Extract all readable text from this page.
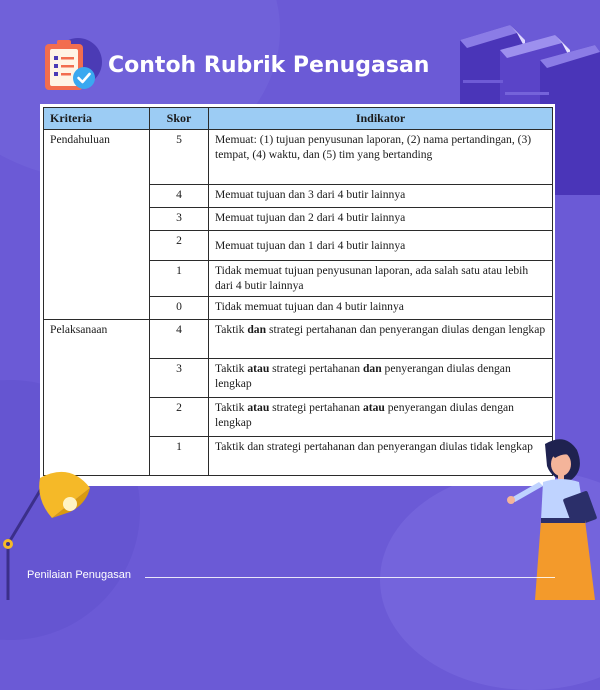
Contoh Rubrik Penugasan
Kriteria	Skor	Indikator
Pendahuluan	5	Memuat: (1) tujuan penyusunan laporan, (2) nama pertandingan, (3) tempat, (4) waktu, dan (5) tim yang bertanding
	4	Memuat tujuan dan 3 dari 4 butir lainnya
	3	Memuat tujuan dan 2 dari 4 butir lainnya
	2	Memuat tujuan dan 1 dari 4 butir lainnya
	1	Tidak memuat tujuan penyusunan laporan, ada salah satu atau lebih dari 4 butir lainnya
	0	Tidak memuat tujuan dan 4 butir lainnya
Pelaksanaan	4	Taktik dan strategi pertahanan dan penyerangan diulas dengan lengkap
	3	Taktik atau strategi pertahanan dan penyerangan diulas dengan lengkap
	2	Taktik atau strategi pertahanan atau penyerangan diulas dengan lengkap
	1	Taktik dan strategi pertahanan dan penyerangan diulas tidak lengkap
Penilaian Penugasan
